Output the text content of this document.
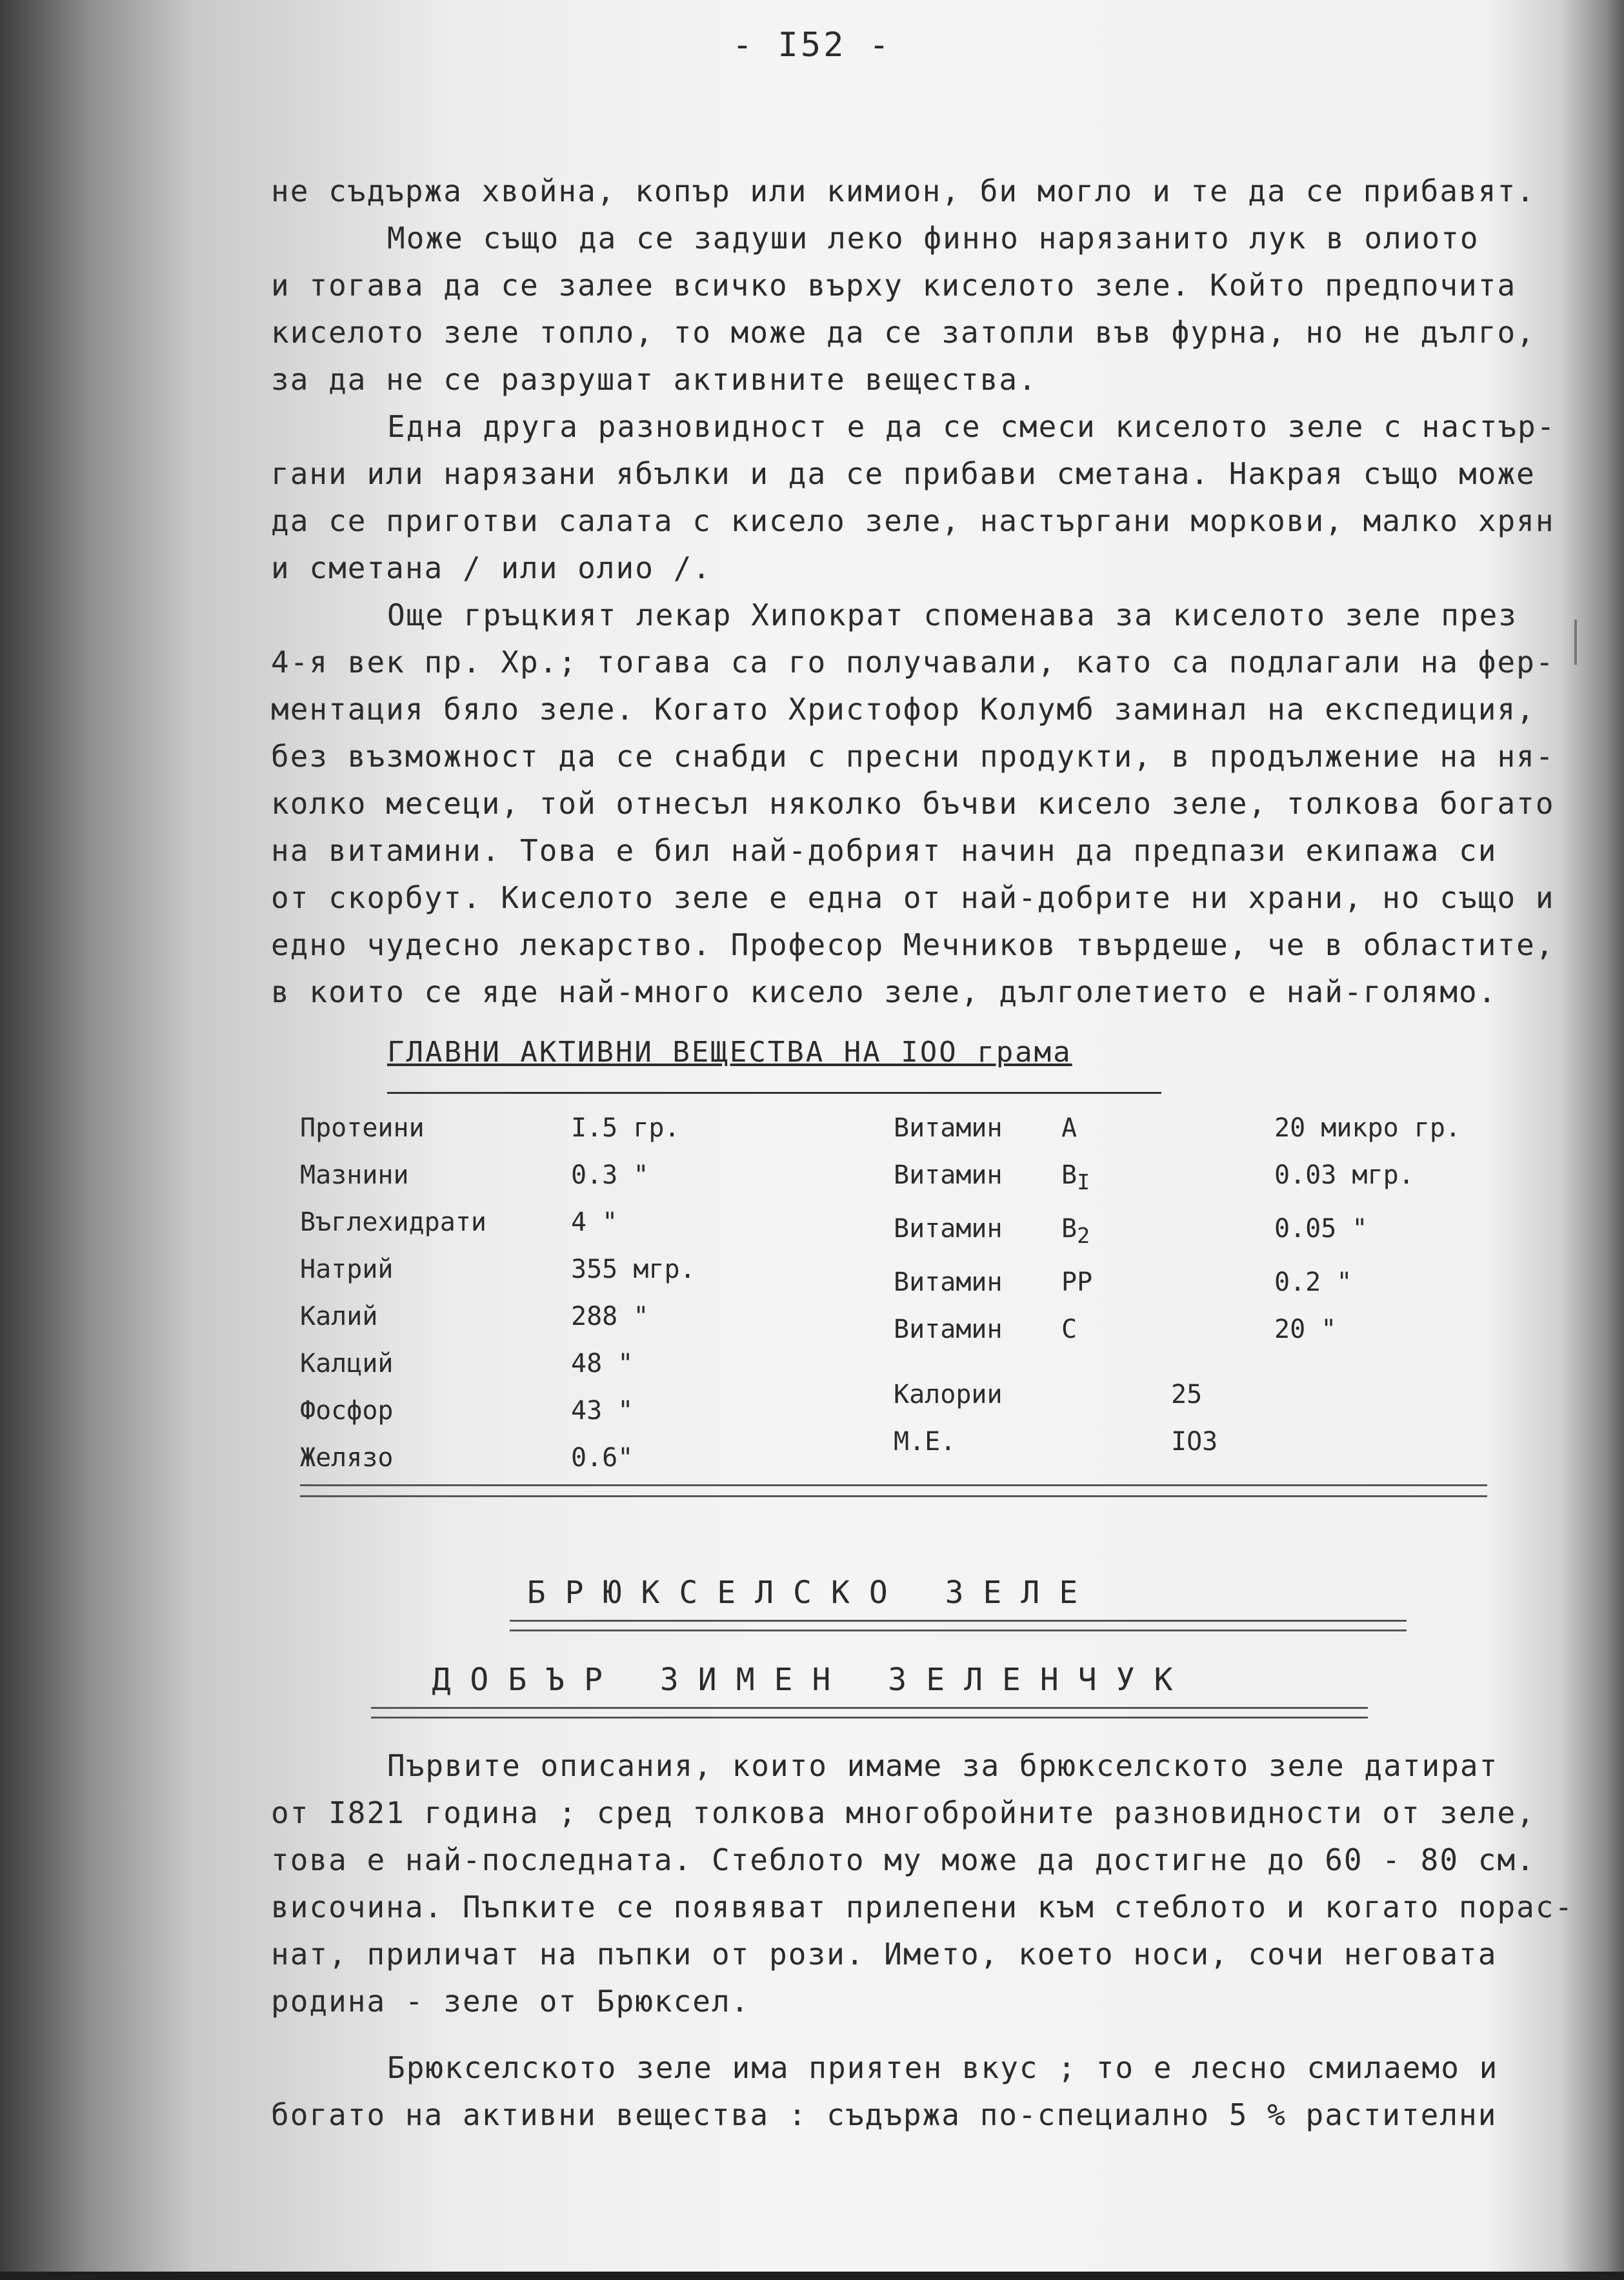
- I52 -

не съдържа хвойна, копър или кимион, би могло и те да се прибавят.

Може също да се задуши леко финно нарязанито лук в олиото

и тогава да се залее всичко върху киселото зеле. Който предпочита

киселото зеле топло, то може да се затопли във фурна, но не дълго,

за да не се разрушат активните вещества.

Една друга разновидност е да се смеси киселото зеле с настър-

гани или нарязани ябълки и да се прибави сметана. Накрая също може

да се приготви салата с кисело зеле, настъргани моркови, малко хрян

и сметана / или олио /.

Още гръцкият лекар Хипократ споменава за киселото зеле през

4-я век пр. Хр.; тогава са го получавали, като са подлагали на фер-

ментация бяло зеле. Когато Христофор Колумб заминал на експедиция,

без възможност да се снабди с пресни продукти, в продължение на ня-

колко месеци, той отнесъл няколко бъчви кисело зеле, толкова богато

на витамини. Това е бил най-добрият начин да предпази екипажа си

от скорбут. Киселото зеле е една от най-добрите ни храни, но също и

едно чудесно лекарство. Професор Мечников твърдеше, че в областите,

в които се яде най-много кисело зеле, дълголетието е най-голямо.

ГЛАВНИ АКТИВНИ ВЕЩЕСТВА НА IOO грама
Протеини	I.5 гр.
Мазнини	0.3 "
Въглехидрати	4 "
Натрий	355 мгр.
Калий	288 "
Калций	48 "
Фосфор	43 "
Желязо	0.6"
Витамин	A	20 микро гр.
Витамин	$B_I$	0.03 мгр.
Витамин	$B_2$	0.05 "
Витамин	PP	0.2 "
Витамин	C	20 "
Калории	25
М.Е.	IO3
БРЮКСЕЛСКО ЗЕЛЕ
ДОБЪР ЗИМЕН ЗЕЛЕНЧУК

Първите описания, които имаме за брюкселското зеле датират

от I821 година ; сред толкова многобройните разновидности от зеле,

това е най-последната. Стеблото му може да достигне до 60 - 80 см.

височина. Пъпките се появяват прилепени към стеблото и когато порас-

нат, приличат на пъпки от рози. Името, което носи, сочи неговата

родина - зеле от Брюксел.

Брюкселското зеле има приятен вкус ; то е лесно смилаемо и

богато на активни вещества : съдържа по-специално 5 % растителни
